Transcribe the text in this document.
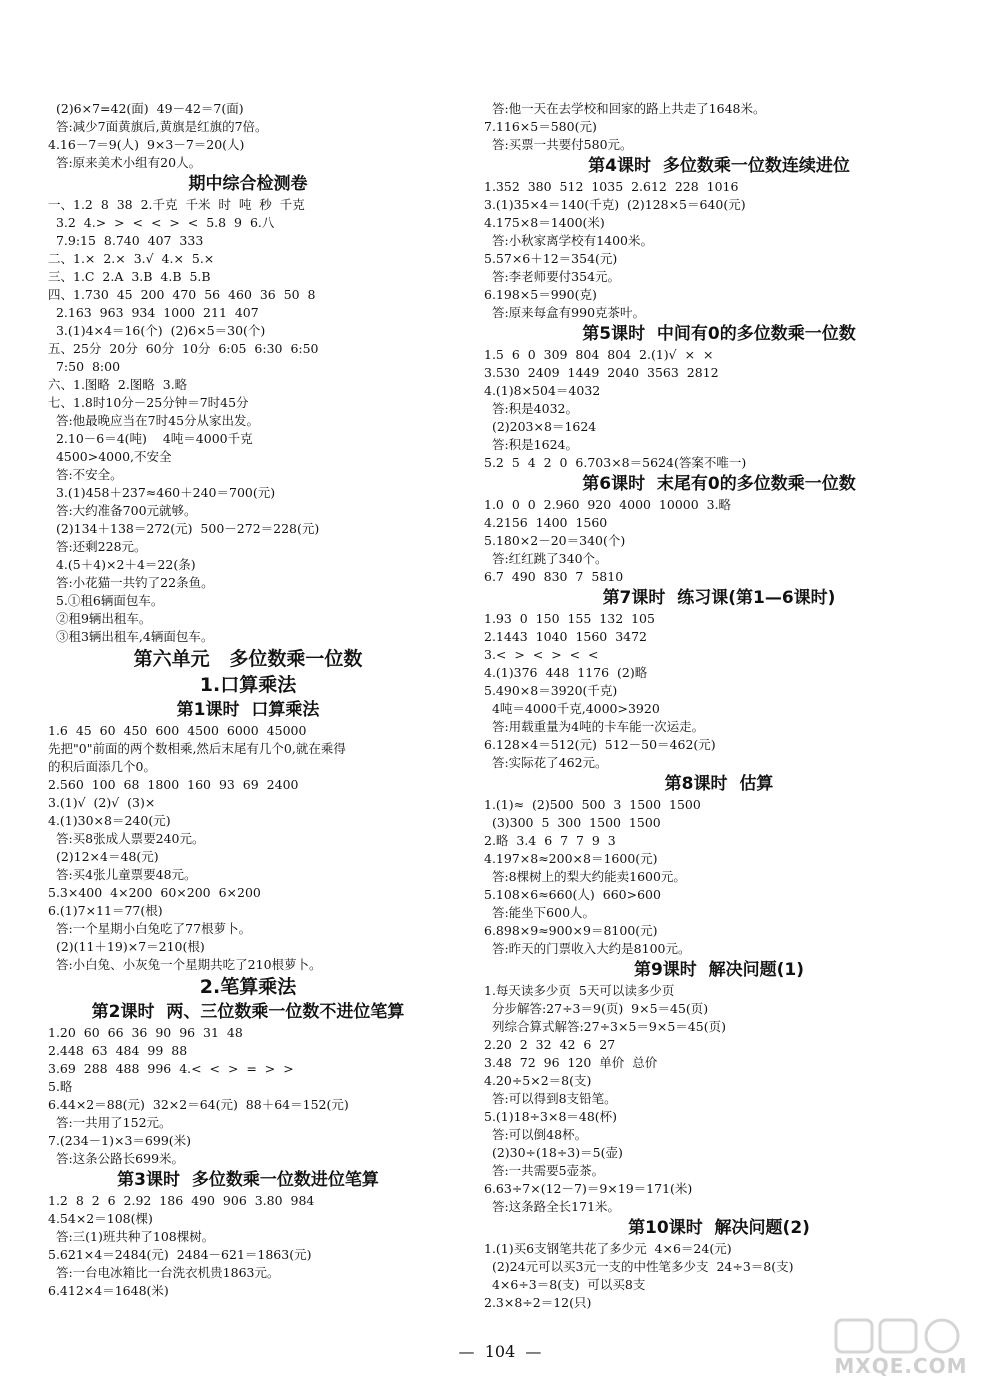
(2)6×7=42(面)  49－42＝7(面)
答:减少7面黄旗后,黄旗是红旗的7倍。
4.16－7＝9(人)  9×3－7＝20(人)
答:原来美术小组有20人。
期中综合检测卷
一、1.2  8  38  2.千克  千米  时  吨  秒  千克
3.2  4.>  >  <  <  >  <  5.8  9  6.八
7.9:15  8.740  407  333
二、1.×  2.×  3.√  4.×  5.×
三、1.C  2.A  3.B  4.B  5.B
四、1.730  45  200  470  56  460  36  50  8
2.163  963  934  1000  211  407
3.(1)4×4＝16(个)  (2)6×5＝30(个)
五、25分  20分  60分  10分  6:05  6:30  6:50
7:50  8:00
六、1.图略  2.图略  3.略
七、1.8时10分－25分钟＝7时45分
答:他最晚应当在7时45分从家出发。
2.10－6＝4(吨)    4吨＝4000千克
4500>4000,不安全
答:不安全。
3.(1)458＋237≈460＋240＝700(元)
答:大约准备700元就够。
(2)134＋138＝272(元)  500－272＝228(元)
答:还剩228元。
4.(5＋4)×2＋4＝22(条)
答:小花猫一共钓了22条鱼。
5.①租6辆面包车。
②租9辆出租车。
③租3辆出租车,4辆面包车。
第六单元   多位数乘一位数
1.口算乘法
第1课时  口算乘法
1.6  45  60  450  600  4500  6000  45000
先把"0"前面的两个数相乘,然后末尾有几个0,就在乘得
的积后面添几个0。
2.560  100  68  1800  160  93  69  2400
3.(1)√  (2)√  (3)×
4.(1)30×8＝240(元)
答:买8张成人票要240元。
(2)12×4＝48(元)
答:买4张儿童票要48元。
5.3×400  4×200  60×200  6×200
6.(1)7×11＝77(根)
答:一个星期小白兔吃了77根萝卜。
(2)(11＋19)×7＝210(根)
答:小白兔、小灰兔一个星期共吃了210根萝卜。
2.笔算乘法
第2课时  两、三位数乘一位数不进位笔算
1.20  60  66  36  90  96  31  48
2.448  63  484  99  88
3.69  288  488  996  4.<  <  >  =  >  >
5.略
6.44×2＝88(元)  32×2＝64(元)  88＋64＝152(元)
答:一共用了152元。
7.(234－1)×3＝699(米)
答:这条公路长699米。
第3课时  多位数乘一位数进位笔算
1.2  8  2  6  2.92  186  490  906  3.80  984
4.54×2＝108(棵)
答:三(1)班共种了108棵树。
5.621×4＝2484(元)  2484－621＝1863(元)
答:一台电冰箱比一台洗衣机贵1863元。
6.412×4＝1648(米)
答:他一天在去学校和回家的路上共走了1648米。
7.116×5＝580(元)
答:买票一共要付580元。
第4课时  多位数乘一位数连续进位
1.352  380  512  1035  2.612  228  1016
3.(1)35×4＝140(千克)  (2)128×5＝640(元)
4.175×8＝1400(米)
答:小秋家离学校有1400米。
5.57×6＋12＝354(元)
答:李老师要付354元。
6.198×5＝990(克)
答:原来每盒有990克茶叶。
第5课时  中间有0的多位数乘一位数
1.5  6  0  309  804  804  2.(1)√  ×  ×
3.530  2409  1449  2040  3563  2812
4.(1)8×504＝4032
答:积是4032。
(2)203×8＝1624
答:积是1624。
5.2  5  4  2  0  6.703×8＝5624(答案不唯一)
第6课时  末尾有0的多位数乘一位数
1.0  0  0  2.960  920  4000  10000  3.略
4.2156  1400  1560
5.180×2－20＝340(个)
答:红红跳了340个。
6.7  490  830  7  5810
第7课时  练习课(第1—6课时)
1.93  0  150  155  132  105
2.1443  1040  1560  3472
3.<  >  <  >  <  <
4.(1)376  448  1176  (2)略
5.490×8＝3920(千克)
4吨＝4000千克,4000>3920
答:用载重量为4吨的卡车能一次运走。
6.128×4＝512(元)  512－50＝462(元)
答:实际花了462元。
第8课时  估算
1.(1)≈  (2)500  500  3  1500  1500
(3)300  5  300  1500  1500
2.略  3.4  6  7  7  9  3
4.197×8≈200×8＝1600(元)
答:8棵树上的梨大约能卖1600元。
5.108×6≈660(人)  660>600
答:能坐下600人。
6.898×9≈900×9＝8100(元)
答:昨天的门票收入大约是8100元。
第9课时  解决问题(1)
1.每天读多少页  5天可以读多少页
分步解答:27÷3＝9(页)  9×5＝45(页)
列综合算式解答:27÷3×5＝9×5＝45(页)
2.20  2  32  42  6  27
3.48  72  96  120  单价  总价
4.20÷5×2＝8(支)
答:可以得到8支铅笔。
5.(1)18÷3×8＝48(杯)
答:可以倒48杯。
(2)30÷(18÷3)＝5(壶)
答:一共需要5壶茶。
6.63÷7×(12－7)＝9×19＝171(米)
答:这条路全长171米。
第10课时  解决问题(2)
1.(1)买6支钢笔共花了多少元  4×6＝24(元)
(2)24元可以买3元一支的中性笔多少支  24÷3＝8(支)
4×6÷3＝8(支)  可以买8支
2.3×8÷2＝12(只)
—  104  —
MXQE.COM
